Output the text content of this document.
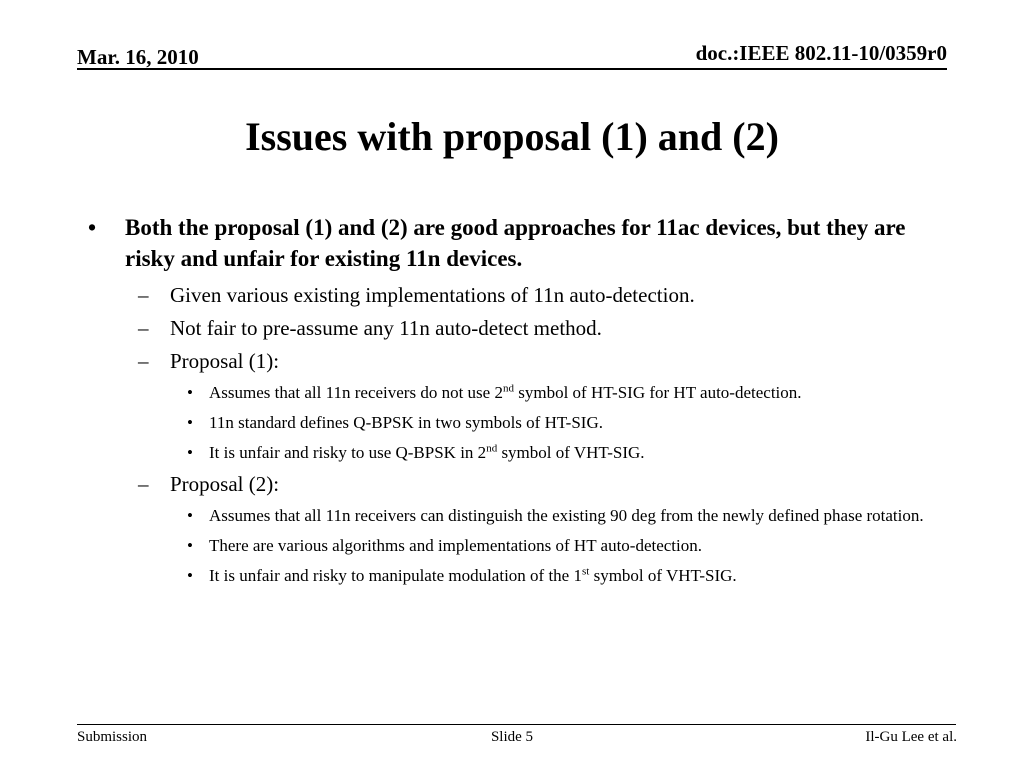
Mar. 16, 2010	doc.:IEEE 802.11-10/0359r0
Issues with proposal (1) and (2)
• Both the proposal (1) and (2) are good approaches for 11ac devices, but they are risky and unfair for existing 11n devices.
– Given various existing implementations of 11n auto-detection.
– Not fair to pre-assume any 11n auto-detect method.
– Proposal (1):
• Assumes that all 11n receivers do not use 2nd symbol of HT-SIG for HT auto-detection.
• 11n standard defines Q-BPSK in two symbols of HT-SIG.
• It is unfair and risky to use Q-BPSK in 2nd symbol of VHT-SIG.
– Proposal (2):
• Assumes that all 11n receivers can distinguish the existing 90 deg from the newly defined phase rotation.
• There are various algorithms and implementations of HT auto-detection.
• It is unfair and risky to manipulate modulation of the 1st symbol of VHT-SIG.
Submission	Slide 5	Il-Gu Lee et al.
